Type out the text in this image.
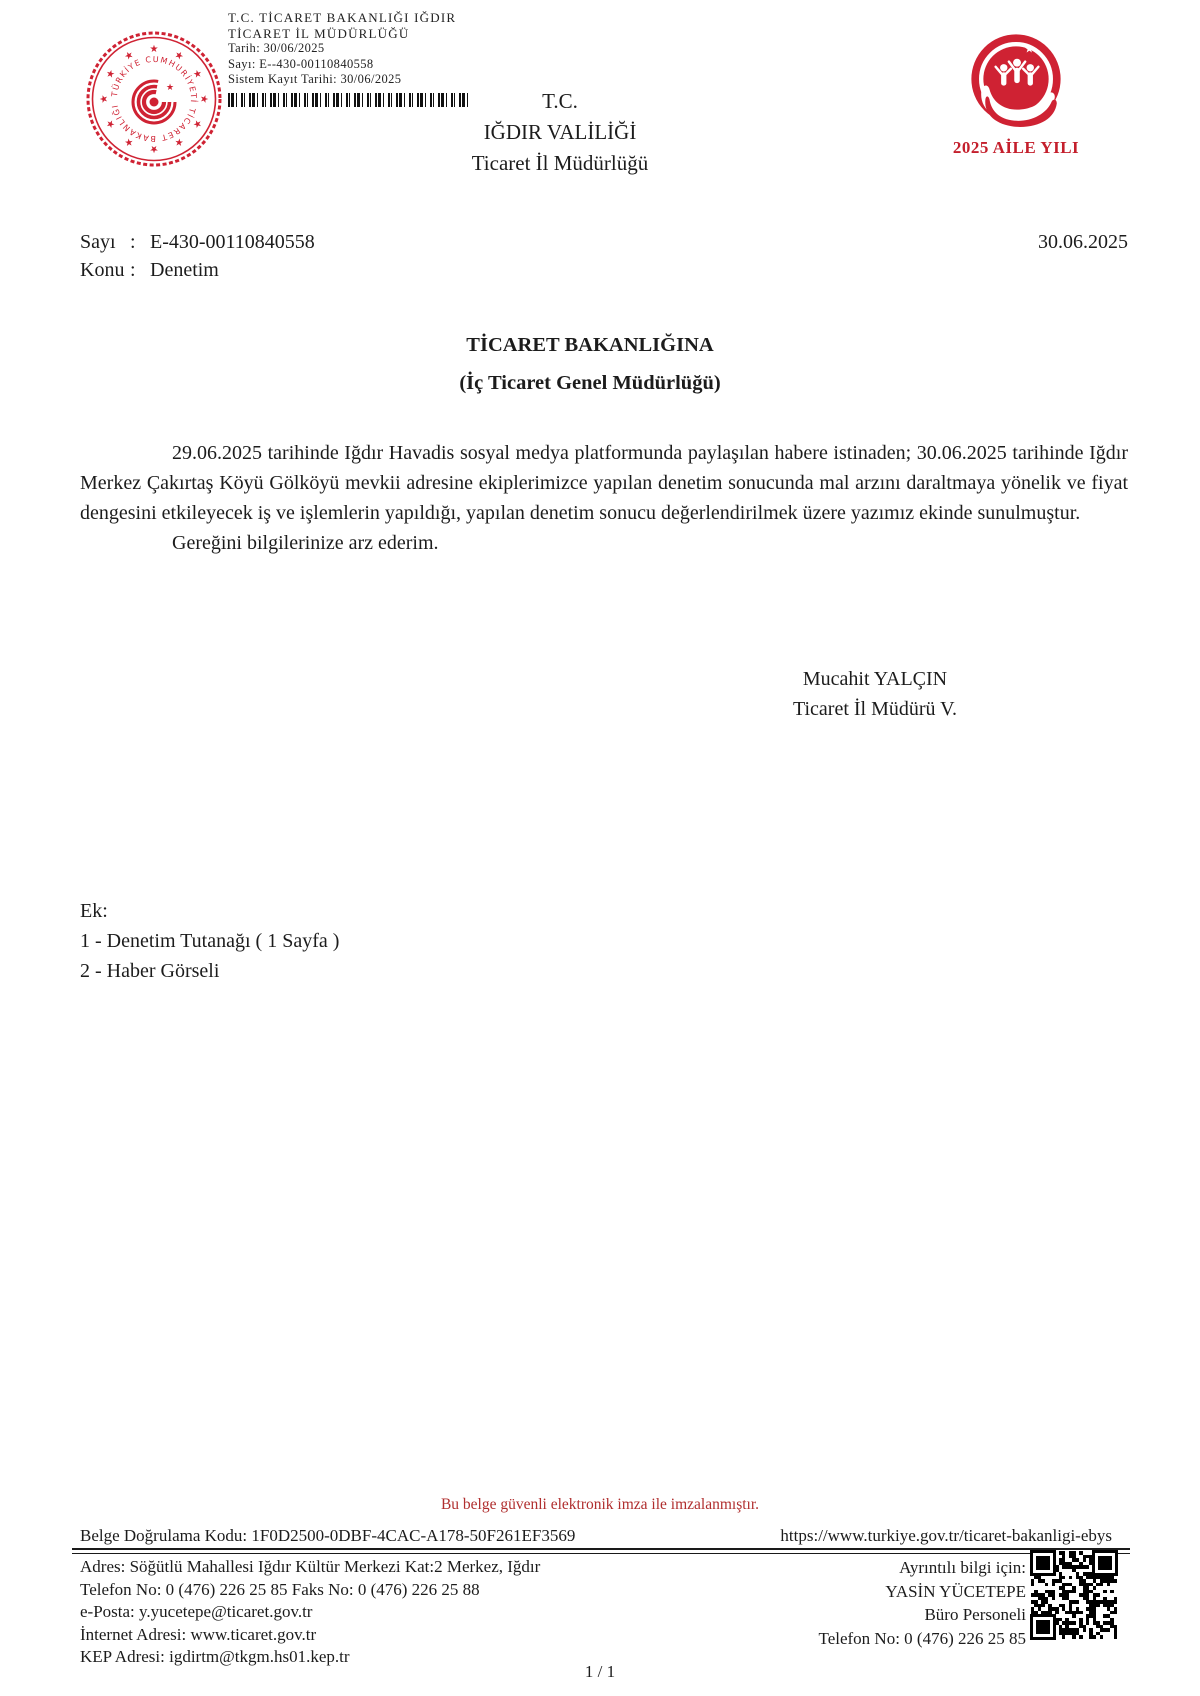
★ ★
★
★
★
★
★
★
★
★
★
★
TÜRKİYE CUMHURİYETİ TİCARET BAKANLIĞI
★
T.C. TİCARET BAKANLIĞI IĞDIR
TİCARET İL MÜDÜRLÜĞÜ
Tarih: 30/06/2025
Sayı: E--430-00110840558
Sistem Kayıt Tarihi: 30/06/2025
T.C.
IĞDIR VALİLİĞİ
Ticaret İl Müdürlüğü
★
2025 AİLE YILI
Sayı : E-430-00110840558
Konu : Denetim
30.06.2025
TİCARET BAKANLIĞINA
(İç Ticaret Genel Müdürlüğü)

29.06.2025 tarihinde Iğdır Havadis sosyal medya platformunda paylaşılan habere istinaden; 30.06.2025 tarihinde Iğdır Merkez Çakırtaş Köyü Gölköyü mevkii adresine ekiplerimizce yapılan denetim sonucunda mal arzını daraltmaya yönelik ve fiyat dengesini etkileyecek iş ve işlemlerin yapıldığı, yapılan denetim sonucu değerlendirilmek üzere yazımız ekinde sunulmuştur.

Gereğini bilgilerinize arz ederim.

Mucahit YALÇIN
Ticaret İl Müdürü V.
Ek:
1 - Denetim Tutanağı ( 1 Sayfa )
2 - Haber Görseli
Bu belge güvenli elektronik imza ile imzalanmıştır.
Belge Doğrulama Kodu: 1F0D2500-0DBF-4CAC-A178-50F261EF3569	https://www.turkiye.gov.tr/ticaret-bakanligi-ebys
Adres: Söğütlü Mahallesi Iğdır Kültür Merkezi Kat:2 Merkez, Iğdır
Telefon No: 0 (476) 226 25 85 Faks No: 0 (476) 226 25 88
e-Posta: y.yucetepe@ticaret.gov.tr
İnternet Adresi: www.ticaret.gov.tr
KEP Adresi: igdirtm@tkgm.hs01.kep.tr
Ayrıntılı bilgi için:
YASİN YÜCETEPE
Büro Personeli
Telefon No: 0 (476) 226 25 85
1 / 1
